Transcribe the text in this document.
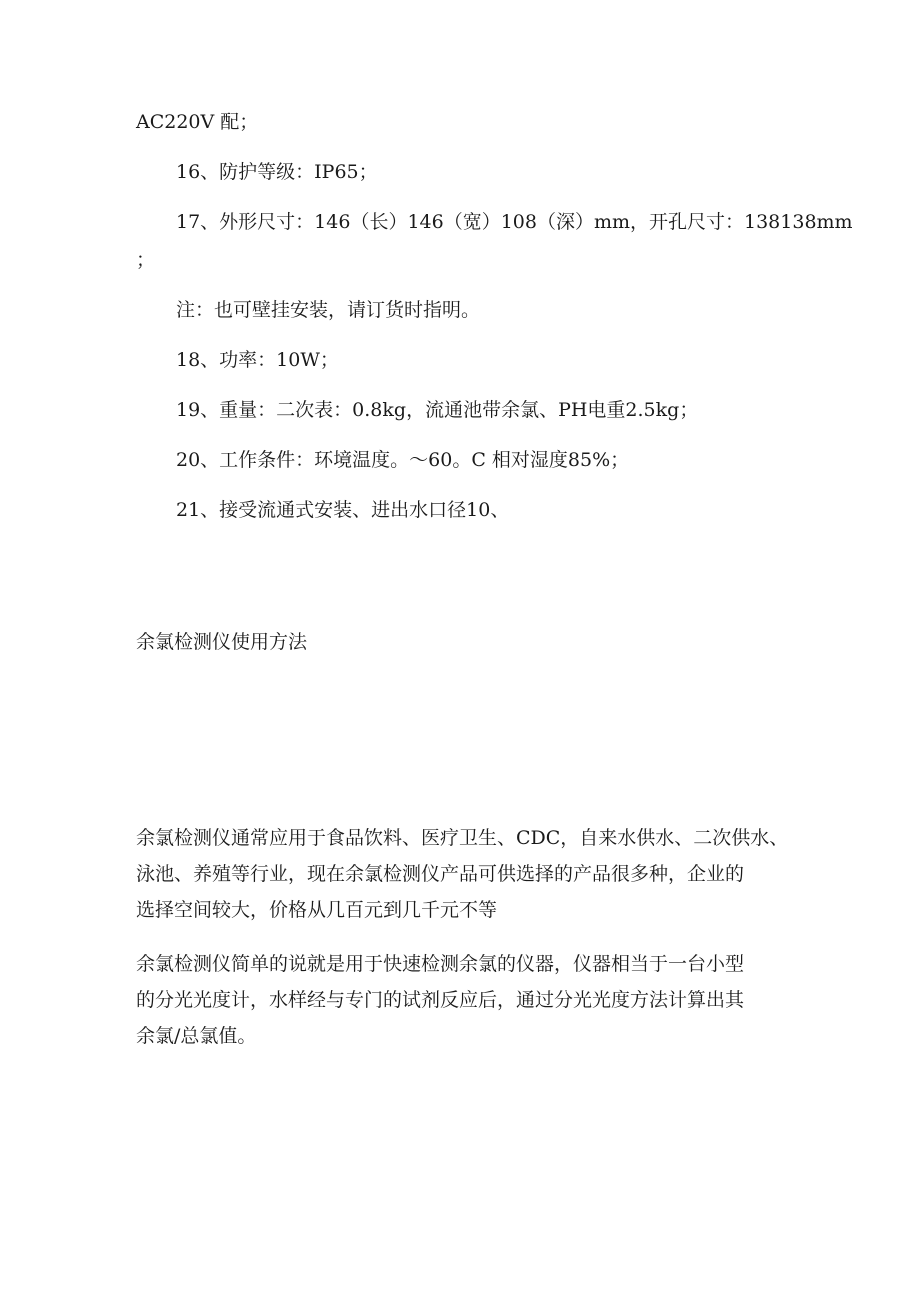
AC220V 配；

16、防护等级：IP65；

17、外形尺寸：146（长）146（宽）108（深）mm，开孔尺寸：138138mm

；

注：也可壁挂安装，请订货时指明。

18、功率：10W；

19、重量：二次表：0.8kg，流通池带余氯、PH电重2.5kg；

20、工作条件：环境温度。～60。C 相对湿度85%；

21、接受流通式安装、进出水口径10、

余氯检测仪使用方法

余氯检测仪通常应用于食品饮料、医疗卫生、CDC，自来水供水、二次供水、

泳池、养殖等行业，现在余氯检测仪产品可供选择的产品很多种，企业的

选择空间较大，价格从几百元到几千元不等

余氯检测仪简单的说就是用于快速检测余氯的仪器，仪器相当于一台小型

的分光光度计，水样经与专门的试剂反应后，通过分光光度方法计算出其

余氯/总氯值。
